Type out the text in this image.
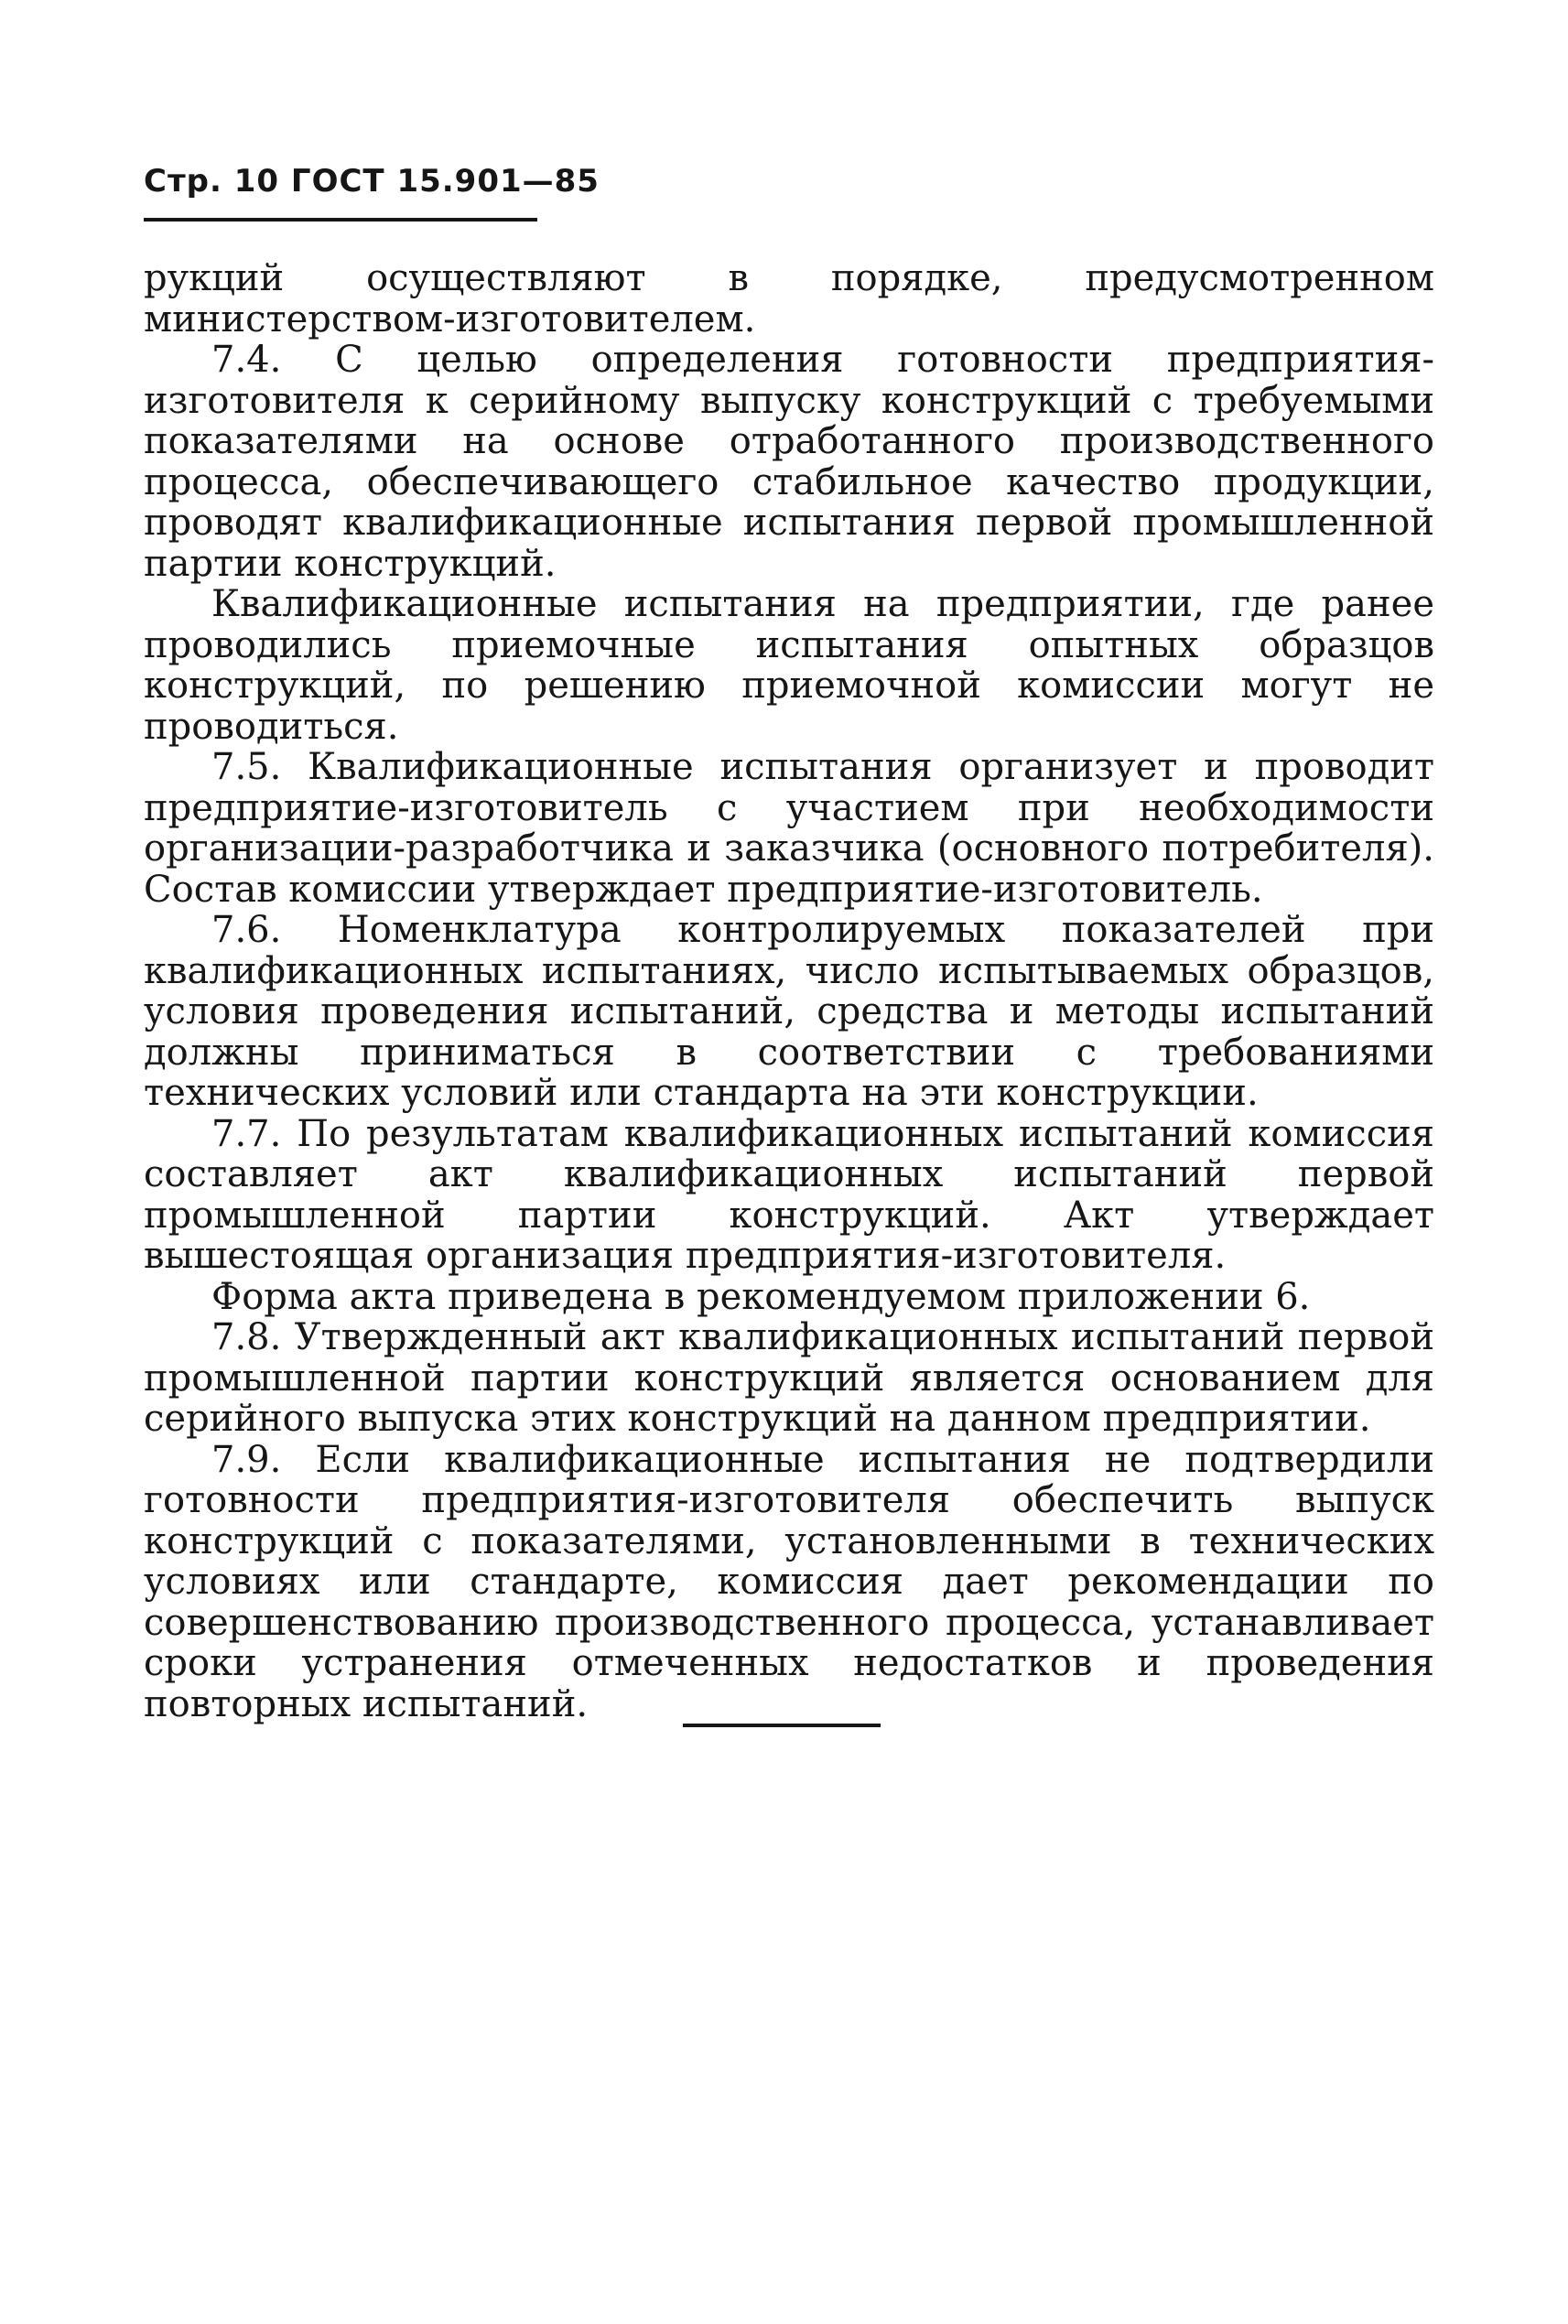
Стр. 10 ГОСТ 15.901—85

рукций осуществляют в порядке, предусмотренном министерством-изготовителем.

7.4. С целью определения готовности предприятия-изготовителя к серийному выпуску конструкций с требуемыми показателями на основе отработанного производственного процесса, обеспечивающего стабильное качество продукции, проводят квалификационные испытания первой промышленной партии конструкций.

Квалификационные испытания на предприятии, где ранее проводились приемочные испытания опытных образцов конструкций, по решению приемочной комиссии могут не проводиться.

7.5. Квалификационные испытания организует и проводит предприятие-изготовитель с участием при необходимости организации-разработчика и заказчика (основного потребителя). Состав комиссии утверждает предприятие-изготовитель.

7.6. Номенклатура контролируемых показателей при квалификационных испытаниях, число испытываемых образцов, условия проведения испытаний, средства и методы испытаний должны приниматься в соответствии с требованиями технических условий или стандарта на эти конструкции.

7.7. По результатам квалификационных испытаний комиссия составляет акт квалификационных испытаний первой промышленной партии конструкций. Акт утверждает вышестоящая организация предприятия-изготовителя.

Форма акта приведена в рекомендуемом приложении 6.

7.8. Утвержденный акт квалификационных испытаний первой промышленной партии конструкций является основанием для серийного выпуска этих конструкций на данном предприятии.

7.9. Если квалификационные испытания не подтвердили готовности предприятия-изготовителя обеспечить выпуск конструкций с показателями, установленными в технических условиях или стандарте, комиссия дает рекомендации по совершенствованию производственного процесса, устанавливает сроки устранения отмеченных недостатков и проведения повторных испытаний.
